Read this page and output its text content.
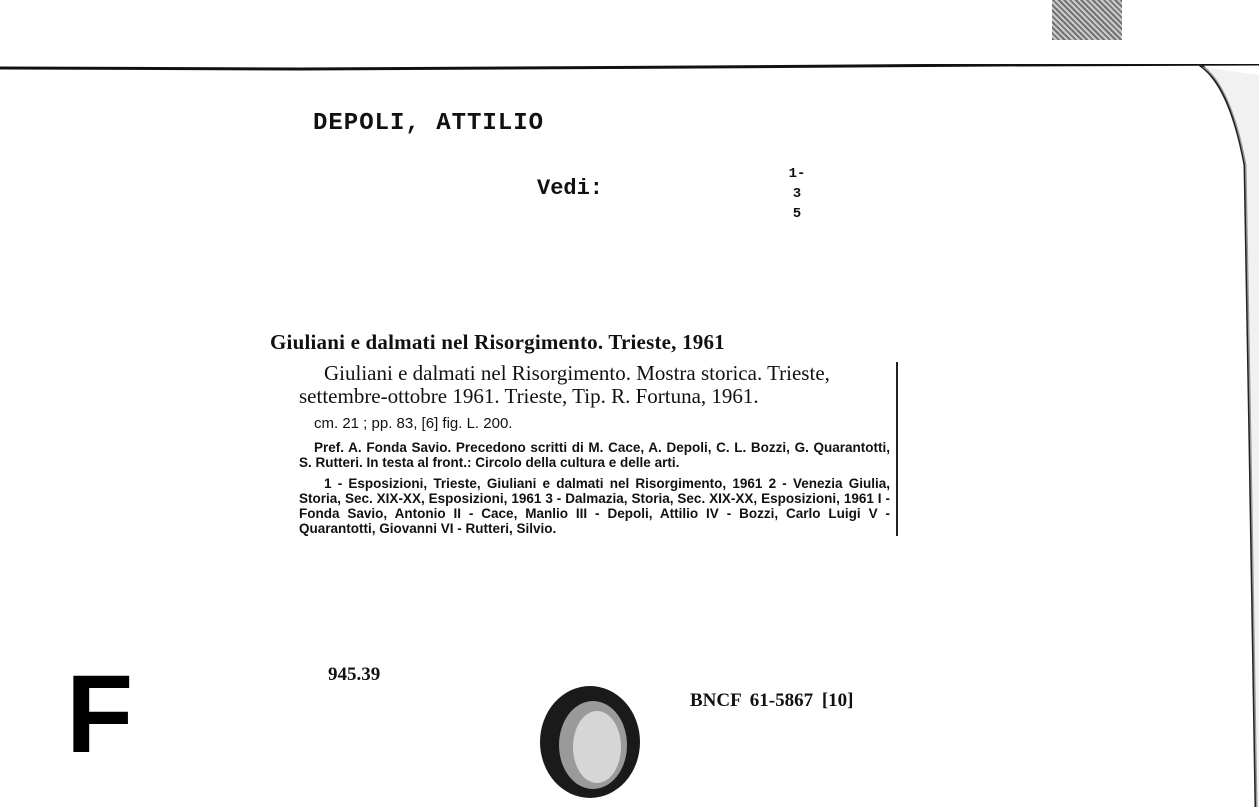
DEPOLI, ATTILIO
Vedi:
1-
3
5
Giuliani e dalmati nel Risorgimento. Trieste, 1961

Giuliani e dalmati nel Risorgimento. Mostra storica. Trieste, settembre-ottobre 1961. Trieste, Tip. R. Fortuna, 1961.

cm. 21 ; pp. 83, [6] fig. L. 200.

Pref. A. Fonda Savio. Precedono scritti di M. Cace, A. Depoli, C. L. Bozzi, G. Quarantotti, S. Rutteri. In testa al front.: Circolo della cultura e delle arti.

1 - Esposizioni, Trieste, Giuliani e dalmati nel Risorgimento, 1961 2 - Venezia Giulia, Storia, Sec. XIX-XX, Esposizioni, 1961 3 - Dalmazia, Storia, Sec. XIX-XX, Esposizioni, 1961 I - Fonda Savio, Antonio II - Cace, Manlio III - Depoli, Attilio IV - Bozzi, Carlo Luigi V - Quarantotti, Giovanni VI - Rutteri, Silvio.

945.39
BNCF 61-5867 [10]
F
